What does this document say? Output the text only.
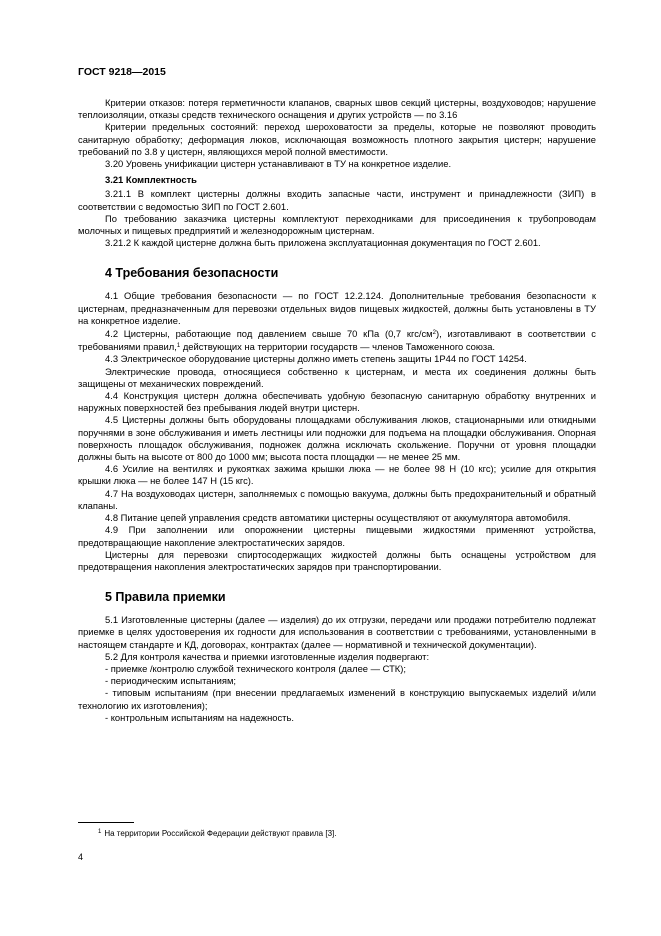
ГОСТ 9218—2015

Критерии отказов: потеря герметичности клапанов, сварных швов секций цистерны, воздуховодов; нарушение теплоизоляции, отказы средств технического оснащения и других устройств — по 3.16

Критерии предельных состояний: переход шероховатости за пределы, которые не позволяют проводить санитарную обработку; деформация люков, исключающая возможность плотного закрытия цистерн; нарушение требований по 3.8 у цистерн, являющихся мерой полной вместимости.

3.20 Уровень унификации цистерн устанавливают в ТУ на конкретное изделие.

3.21 Комплектность

3.21.1 В комплект цистерны должны входить запасные части, инструмент и принадлежности (ЗИП) в соответствии с ведомостью ЗИП по ГОСТ 2.601.

По требованию заказчика цистерны комплектуют переходниками для присоединения к трубопроводам молочных и пищевых предприятий и железнодорожным цистернам.

3.21.2 К каждой цистерне должна быть приложена эксплуатационная документация по ГОСТ 2.601.

4 Требования безопасности

4.1 Общие требования безопасности — по ГОСТ 12.2.124. Дополнительные требования безопасности к цистернам, предназначенным для перевозки отдельных видов пищевых жидкостей, должны быть установлены в ТУ на конкретное изделие.

4.2 Цистерны, работающие под давлением свыше 70 кПа (0,7 кгс/$см^2$), изготавливают в соответствии с требованиями правил,$^1$ действующих на территории государств — членов Таможенного союза.

4.3 Электрическое оборудование цистерны должно иметь степень защиты 1Р44 по ГОСТ 14254.

Электрические провода, относящиеся собственно к цистернам, и места их соединения должны быть защищены от механических повреждений.

4.4 Конструкция цистерн должна обеспечивать удобную безопасную санитарную обработку внутренних и наружных поверхностей без пребывания людей внутри цистерн.

4.5 Цистерны должны быть оборудованы площадками обслуживания люков, стационарными или откидными поручнями в зоне обслуживания и иметь лестницы или подножки для подъема на площадки обслуживания. Опорная поверхность площадок обслуживания, подножек должна исключать скольжение. Поручни от уровня площадки должны быть на высоте от 800 до 1000 мм; высота поста площадки — не менее 25 мм.

4.6 Усилие на вентилях и рукоятках зажима крышки люка — не более 98 Н (10 кгс); усилие для открытия крышки люка — не более 147 Н (15 кгс).

4.7 На воздуховодах цистерн, заполняемых с помощью вакуума, должны быть предохранительный и обратный клапаны.

4.8 Питание цепей управления средств автоматики цистерны осуществляют от аккумулятора автомобиля.

4.9 При заполнении или опорожнении цистерны пищевыми жидкостями применяют устройства, предотвращающие накопление электростатических зарядов.

Цистерны для перевозки спиртосодержащих жидкостей должны быть оснащены устройством для предотвращения накопления электростатических зарядов при транспортировании.

5 Правила приемки

5.1 Изготовленные цистерны (далее — изделия) до их отгрузки, передачи или продажи потребителю подлежат приемке в целях удостоверения их годности для использования в соответствии с требованиями, установленными в настоящем стандарте и КД, договорах, контрактах (далее — нормативной и технической документации).

5.2 Для контроля качества и приемки изготовленные изделия подвергают:

- приемке /контролю службой технического контроля (далее — СТК);

- периодическим испытаниям;

- типовым испытаниям (при внесении предлагаемых изменений в конструкцию выпускаемых изделий и/или технологию их изготовления);

- контрольным испытаниям на надежность.

$^1$ На территории Российской Федерации действуют правила [3].
4
